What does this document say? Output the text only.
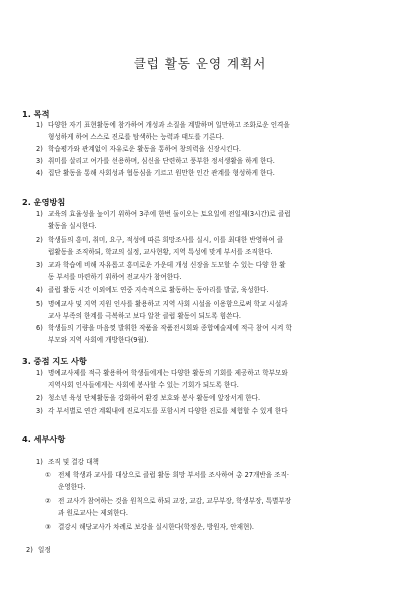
클럽 활동 운영 계획서
1. 목적
1) 다양한 자기 표현활동에 참가하여 개성과 소질을 계발하며 일만하고 조화로운 인격을
형성하게 하여 스스로 진로를 탐색하는 능력과 태도를 기른다.
2) 학습평가와 관계없이 자유로운 활동을 통하여 창의력을 신장시킨다.
3) 취미를 살리고 여가를 선용하며, 심신을 단련하고 풍부한 정서생활을 하게 한다.
4) 집단 활동을 통해 사회성과 협동심을 기르고 원만한 인간 관계를 형성하게 한다.
2. 운영방침
1) 교육의 효율성을 높이기 위하여 3주에 한번 둘이오는 토요일에 전일제(3시간)로 클럽
활동을 실시한다.
2) 학생들의 흥미, 취미, 요구, 적성에 따른 희망조사를 실시, 이를 최대한 반영하여 클
럽활동을 조직하되, 학교의 실정, 교사현황, 지역 특성에 맞게 부서를 조직한다.
3) 교과 학습에 비해 자유롭고 흥미로운 가운데 개성 신장을 도모할 수 있는 다양 한 활
동 부서를 마련하기 위하여 전교사가 참여한다.
4) 클럽 활동 시간 이외에도 연중 지속적으로 활동하는 동아리를 발굴, 육성한다.
5) 명예교사 및 지역 지원 인사를 활용하고 지역 사회 시설을 이용함으로써 학교 시설과
교사 부족의 한계를 극복하고 보다 알찬 클럽 활동이 되도록 힘쓴다.
6) 학생들의 기량을 마음껏 발휘한 작품을 작품전시회와 종합예술제에 적극 참여 시켜 학
부모와 지역 사회에 개방한다(9월).
3. 중점 지도 사항
1) 명예교사제를 적극 활용하여 학생들에게는 다양한 활동의 기회를 제공하고 학부모와
지역사회 인사들에게는 사회에 봉사할 수 있는 기회가 되도록 한다.
2) 청소년 육성 단체활동을 강화하여 환경 보호와 봉사 활동에 앞장서게 한다.
3) 각 부서별로 연간 계획내에 진로지도를 포함시켜 다양한 진로를 체험할 수 있게 한다
4. 세부사항
1) 조직 및 결강 대책
① 전체 학생과 교사를 대상으로 클럽 활동 희망 부서를 조사하여 총 27개반을 조직·
운영한다.
② 전 교사가 참여하는 것을 원칙으로 하되 교장, 교감, 교무부장, 학생부장, 특별부장
과 원로교사는 제외한다.
③ 결강시 해당교사가 차례로 보강을 실시한다(학정운, 방원자, 안재현).
2) 일정
